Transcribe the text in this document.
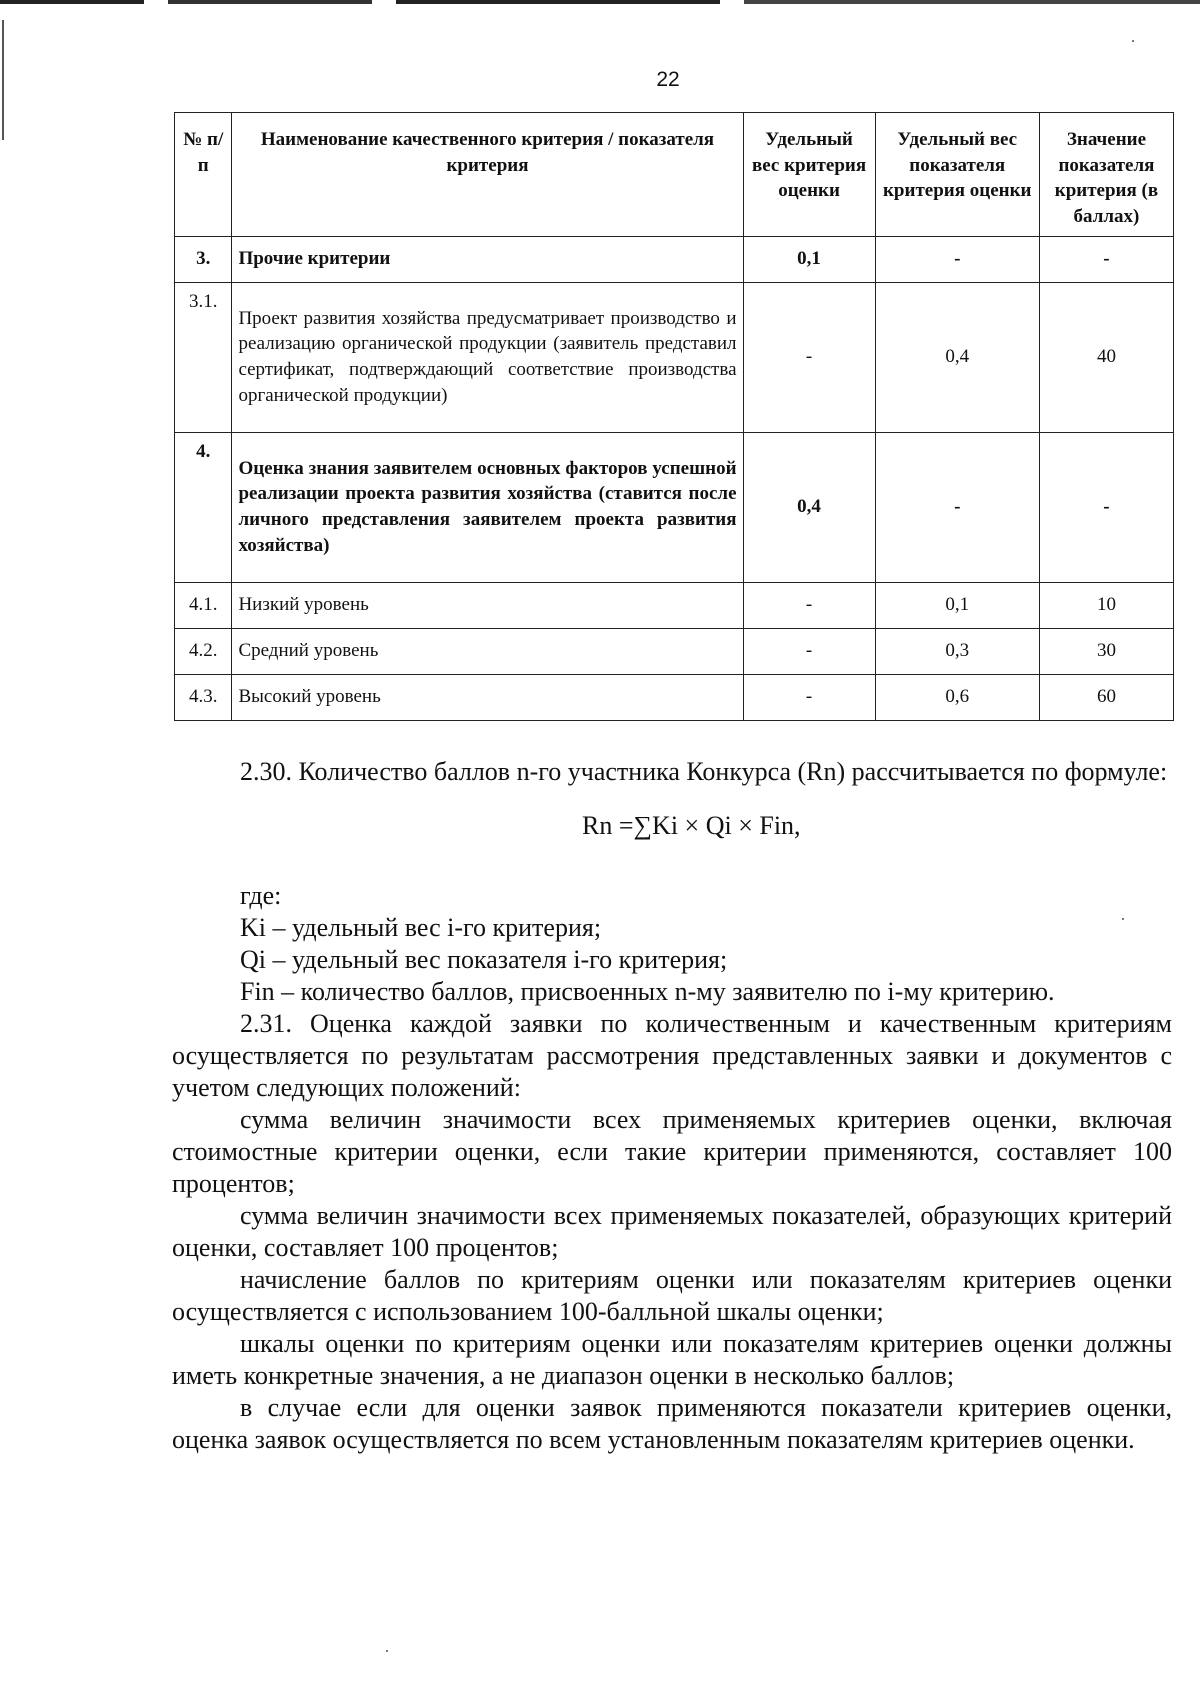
22
№ п/п	Наименование качественного критерия / показателя критерия	Удельный вес критерия оценки	Удельный вес показателя критерия оценки	Значение показателя критерия (в баллах)
3.	Прочие критерии	0,1	-	-
3.1.	Проект развития хозяйства предусматривает производство и реализацию органической продукции (заявитель представил сертификат, подтверждающий соответствие производства органической продукции)	-	0,4	40
4.	Оценка знания заявителем основных факторов успешной реализации проекта развития хозяйства (ставится после личного представления заявителем проекта развития хозяйства)	0,4	-	-
4.1.	Низкий уровень	-	0,1	10
4.2.	Средний уровень	-	0,3	30
4.3.	Высокий уровень	-	0,6	60

2.30. Количество баллов n-го участника Конкурса (Rn) рассчитывается по формуле:

Rn =∑Ki × Qi × Fin,

где:

Ki – удельный вес i-го критерия;

Qi – удельный вес показателя i-го критерия;

Fin – количество баллов, присвоенных n-му заявителю по i-му критерию.

2.31. Оценка каждой заявки по количественным и качественным критериям осуществляется по результатам рассмотрения представленных заявки и документов с учетом следующих положений:

сумма величин значимости всех применяемых критериев оценки, включая стоимостные критерии оценки, если такие критерии применяются, составляет 100 процентов;

сумма величин значимости всех применяемых показателей, образующих критерий оценки, составляет 100 процентов;

начисление баллов по критериям оценки или показателям критериев оценки осуществляется с использованием 100-балльной шкалы оценки;

шкалы оценки по критериям оценки или показателям критериев оценки должны иметь конкретные значения, а не диапазон оценки в несколько баллов;

в случае если для оценки заявок применяются показатели критериев оценки, оценка заявок осуществляется по всем установленным показателям критериев оценки.
